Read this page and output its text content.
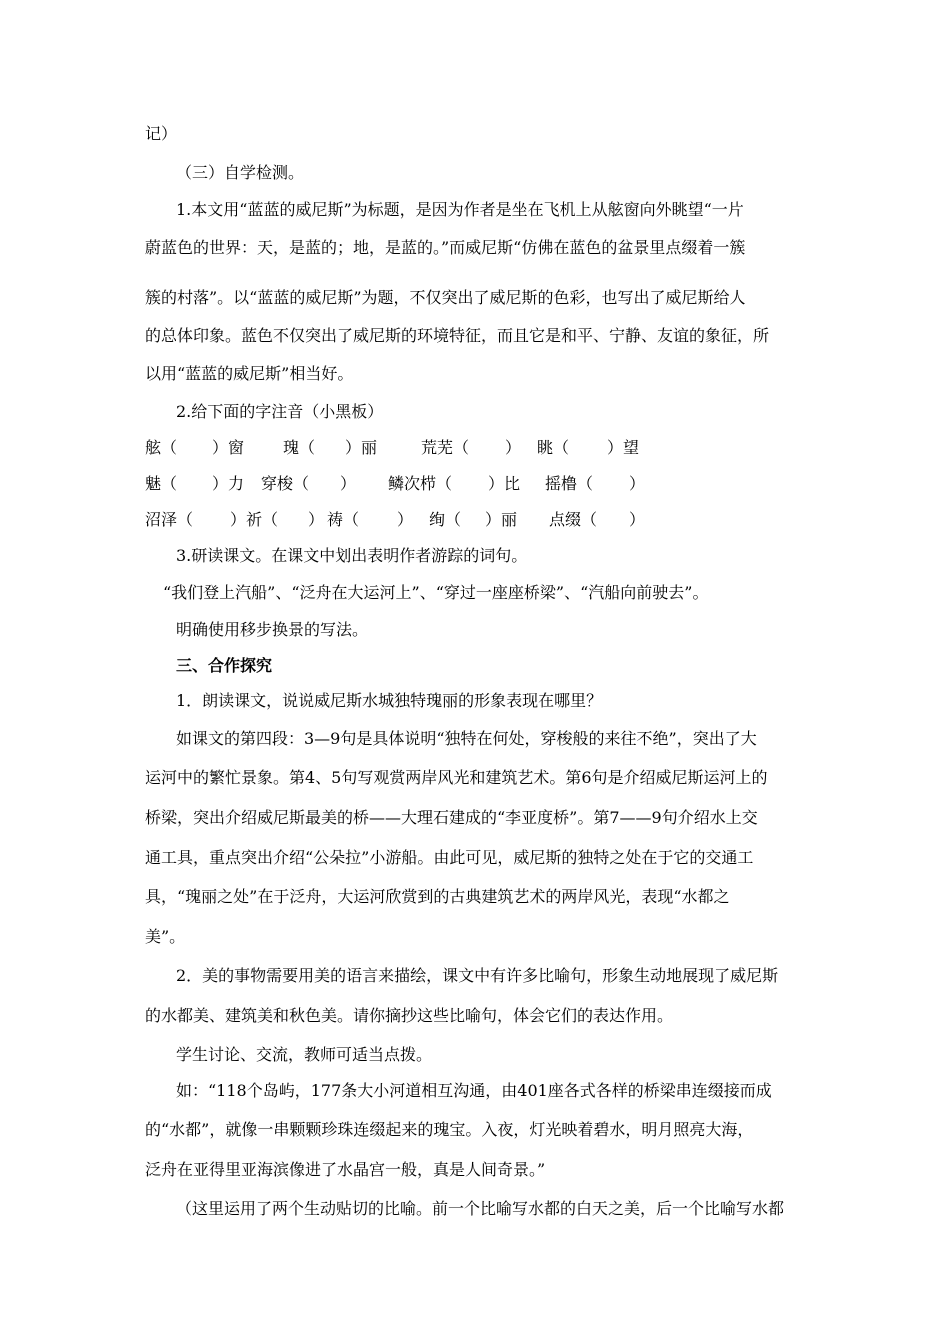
记）
（三）自学检测。
1.本文用“蓝蓝的威尼斯”为标题，是因为作者是坐在飞机上从舷窗向外眺望“一片
蔚蓝色的世界：天，是蓝的；地，是蓝的。”而威尼斯“仿佛在蓝色的盆景里点缀着一簇
簇的村落”。以“蓝蓝的威尼斯”为题，不仅突出了威尼斯的色彩，也写出了威尼斯给人
的总体印象。蓝色不仅突出了威尼斯的环境特征，而且它是和平、宁静、友谊的象征，所
以用“蓝蓝的威尼斯”相当好。
2.给下面的字注音（小黑板）
舷（ ）窗 瑰（ ）丽	荒芜（ ） 眺（ ）望
魅（ ）力 穿梭（ ） 鳞次栉（ ）比 摇橹（ ）
沼泽（ ） 祈（ ） 祷（ ） 绚（ ）丽 点缀（ ）
3.研读课文。在课文中划出表明作者游踪的词句。
“我们登上汽船”、“泛舟在大运河上”、“穿过一座座桥梁”、“汽船向前驶去”。
明确使用移步换景的写法。
三、合作探究
1．朗读课文，说说威尼斯水城独特瑰丽的形象表现在哪里？
如课文的第四段：3—9句是具体说明“独特在何处，穿梭般的来往不绝”，突出了大
运河中的繁忙景象。第4、5句写观赏两岸风光和建筑艺术。第6句是介绍威尼斯运河上的
桥梁，突出介绍威尼斯最美的桥——大理石建成的“李亚度桥”。第7——9句介绍水上交
通工具，重点突出介绍“公朵拉”小游船。由此可见，威尼斯的独特之处在于它的交通工
具，“瑰丽之处”在于泛舟，大运河欣赏到的古典建筑艺术的两岸风光，表现“水都之
美”。
2．美的事物需要用美的语言来描绘，课文中有许多比喻句，形象生动地展现了威尼斯
的水都美、建筑美和秋色美。请你摘抄这些比喻句，体会它们的表达作用。
学生讨论、交流，教师可适当点拨。
如：“118个岛屿，177条大小河道相互沟通，由401座各式各样的桥梁串连缀接而成
的“水都”，就像一串颗颗珍珠连缀起来的瑰宝。入夜，灯光映着碧水，明月照亮大海，
泛舟在亚得里亚海滨像进了水晶宫一般，真是人间奇景。”
（这里运用了两个生动贴切的比喻。前一个比喻写水都的白天之美，后一个比喻写水都
